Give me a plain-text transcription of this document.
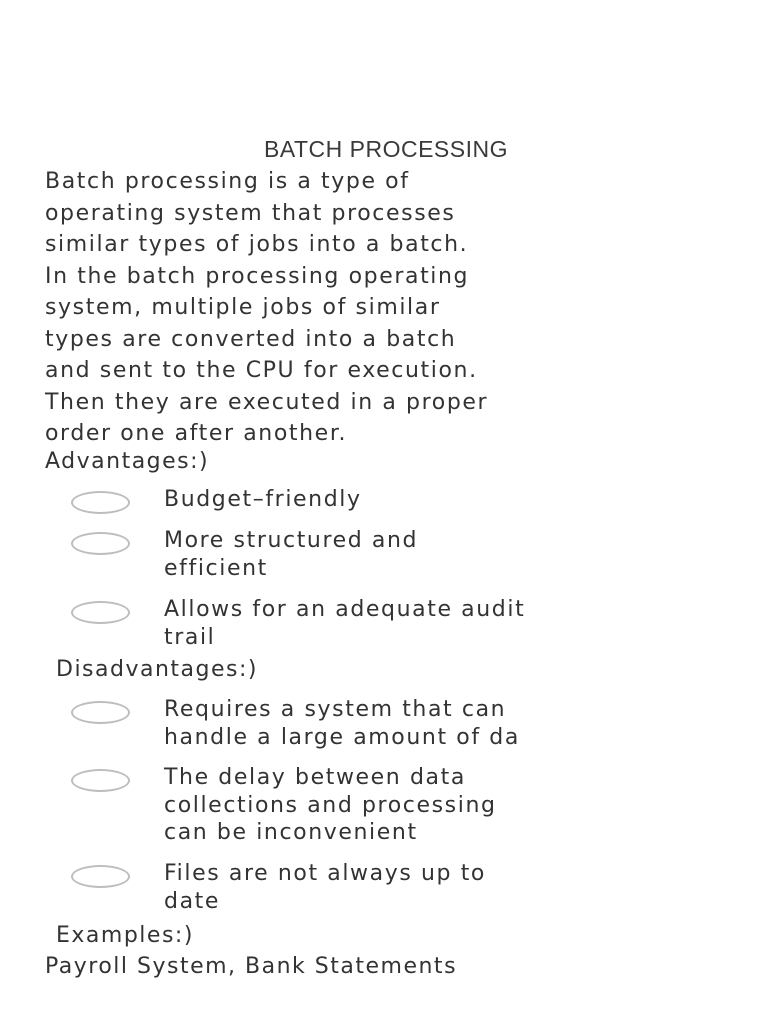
BATCH PROCESSING
Batch processing is a type of
operating system that processes
similar types of jobs into a batch.
In the batch processing operating
system, multiple jobs of similar
types are converted into a batch
and sent to the CPU for execution.
Then they are executed in a proper
order one after another.
Advantages:)
Budget–friendly
More structured and
efficient
Allows for an adequate audit
trail
Disadvantages:)
Requires a system that can
handle a large amount of da
The delay between data
collections and processing
can be inconvenient
Files are not always up to
date
Examples:)
Payroll System, Bank Statements
